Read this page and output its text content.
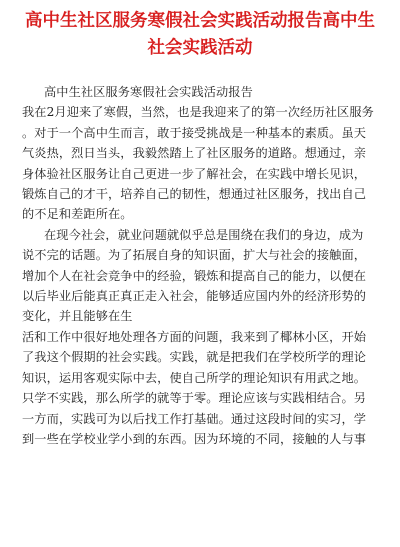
高中生社区服务寒假社会实践活动报告高中生
社会实践活动

高中生社区服务寒假社会实践活动报告

我在2月迎来了寒假，当然，也是我迎来了的第一次经历社区服务
。对于一个高中生而言，敢于接受挑战是一种基本的素质。虽天
气炎热，烈日当头，我毅然踏上了社区服务的道路。想通过，亲
身体验社区服务让自己更进一步了解社会，在实践中增长见识，
锻炼自己的才干，培养自己的韧性，想通过社区服务，找出自己
的不足和差距所在。

在现今社会，就业问题就似乎总是围绕在我们的身边，成为
说不完的话题。为了拓展自身的知识面，扩大与社会的接触面，
增加个人在社会竞争中的经验，锻炼和提高自己的能力，以便在
以后毕业后能真正真正走入社会，能够适应国内外的经济形势的
变化，并且能够在生

活和工作中很好地处理各方面的问题，我来到了椰林小区，开始
了我这个假期的社会实践。实践，就是把我们在学校所学的理论
知识，运用客观实际中去，使自己所学的理论知识有用武之地。
只学不实践，那么所学的就等于零。理论应该与实践相结合。另
一方而，实践可为以后找工作打基础。通过这段时间的实习，学
到一些在学校业学小到的东西。因为环境的不同，接触的人与事
